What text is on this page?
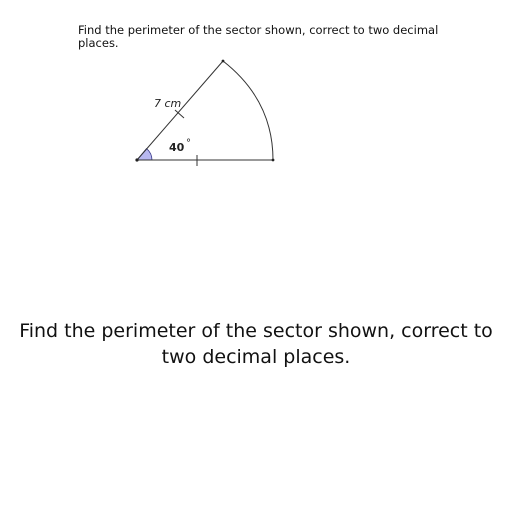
Find the perimeter of the sector shown, correct to two decimal places.

7 cm
40 °

Find the perimeter of the sector shown, correct to two decimal places.
